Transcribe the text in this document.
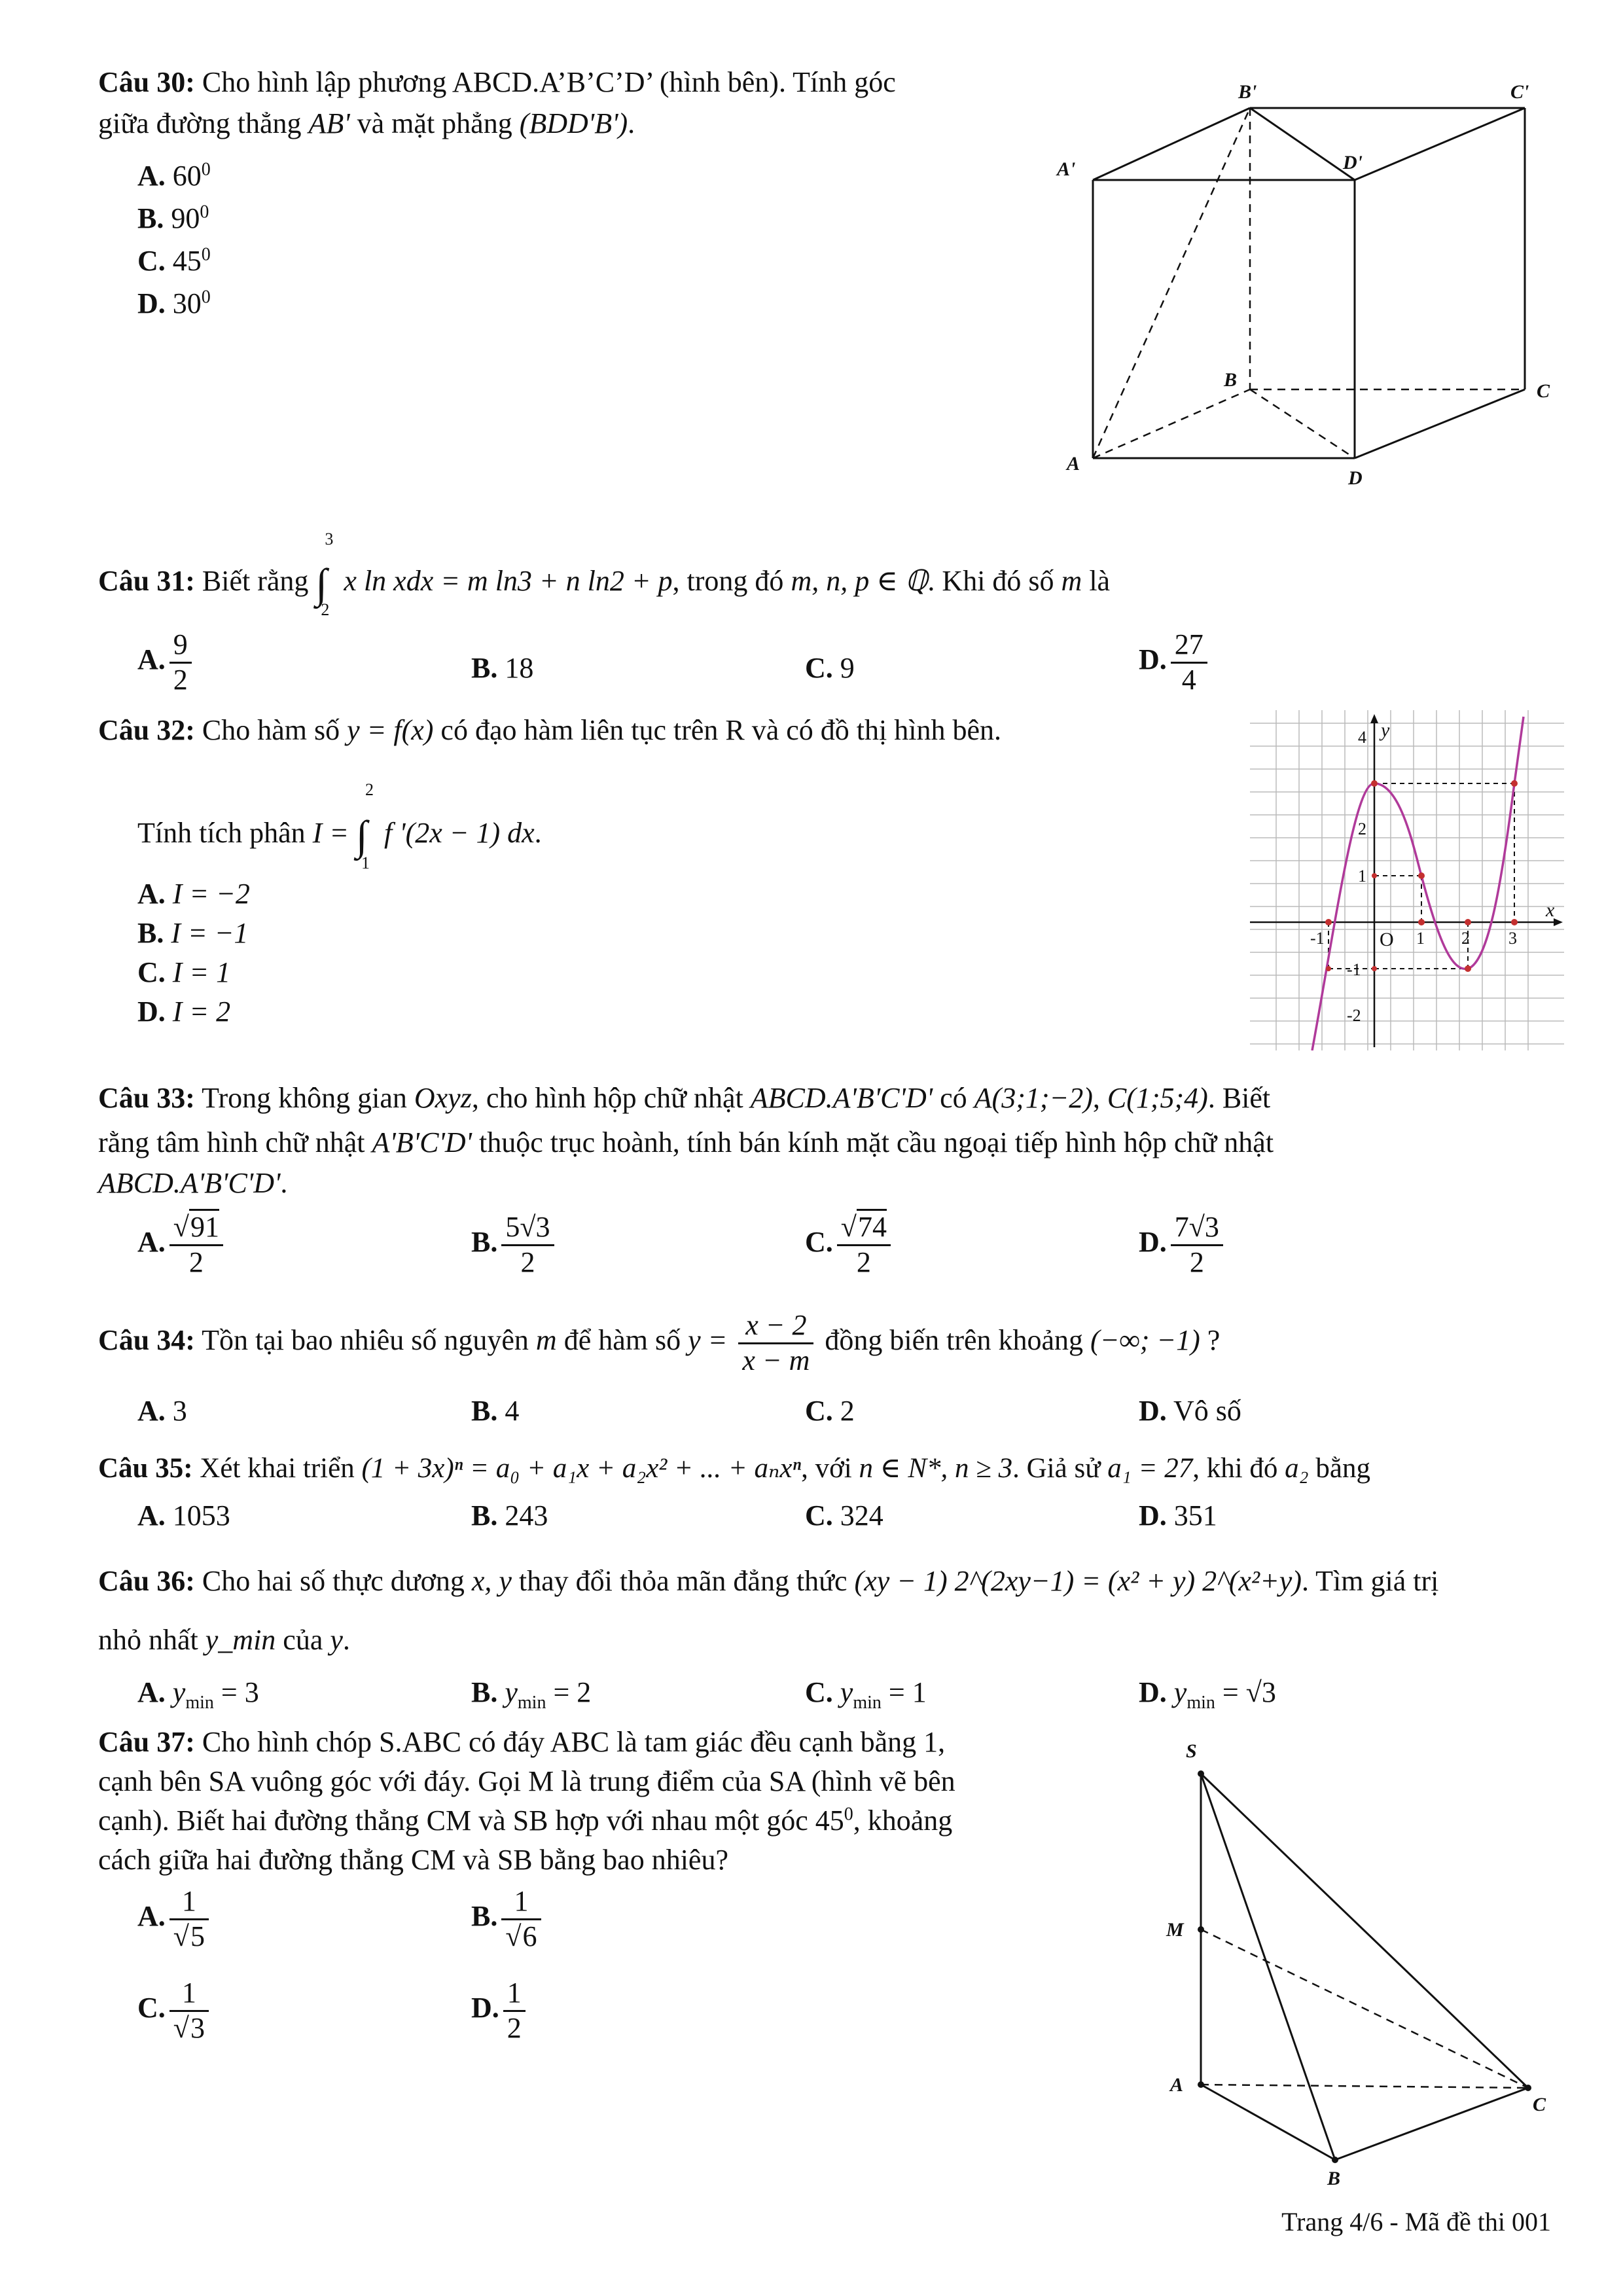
Câu 30: Cho hình lập phương ABCD.A’B’C’D’ (hình bên). Tính góc
giữa đường thẳng AB' và mặt phẳng (BDD'B').
A. $60^0$
B. $90^0$
C. $45^0$
D. $30^0$
B'	C'
A'	D'
B
C
A
D
Câu 31: Biết rằng ∫
3
2
x ln xdx = m ln3 + n ln2 + p, trong đó m, n, p ∈ ℚ. Khi đó số m là
A. $\frac{9}{2}$	B. 18	C. 9	D. $\frac{27}{4}$
Câu 32: Cho hàm số y = f(x) có đạo hàm liên tục trên R và có đồ thị hình bên.
Tính tích phân I = ∫
2
1
f '(2x − 1) dx.
A. I = −2
B. I = −1
C. I = 1
D. I = 2
y
x
O
-1	1 2 3
4
2
1
-1
-2
Câu 33: Trong không gian Oxyz, cho hình hộp chữ nhật ABCD.A'B'C'D' có A(3;1;−2), C(1;5;4). Biết
rằng tâm hình chữ nhật A'B'C'D' thuộc trục hoành, tính bán kính mặt cầu ngoại tiếp hình hộp chữ nhật
ABCD.A'B'C'D'.
A. $\frac{√91}{2}$	B. $\frac{5√3}{2}$	C. $\frac{√74}{2}$	D. $\frac{7√3}{2}$
Câu 34: Tồn tại bao nhiêu số nguyên m để hàm số $y = \frac{x - 2}{x - m}$ đồng biến trên khoảng (−∞; −1) ?
A. 3	B. 4	C. 2	D. Vô số
Câu 35: Xét khai triển (1 + 3x)ⁿ = a₀ + a₁x + a₂x² + ... + aₙxⁿ, với n ∈ N*, n ≥ 3. Giả sử a₁ = 27, khi đó a₂ bằng
A. 1053	B. 243	C. 324	D. 351
Câu 36: Cho hai số thực dương x, y thay đổi thỏa mãn đẳng thức (xy − 1) 2^(2xy−1) = (x² + y) 2^(x²+y). Tìm giá trị
nhỏ nhất y_min của y.
A. $y_{min} = 3$	B. $y_{min} = 2$	C. $y_{min} = 1$	D. $y_{min} = √3$
Câu 37: Cho hình chóp S.ABC có đáy ABC là tam giác đều cạnh bằng 1,
cạnh bên SA vuông góc với đáy. Gọi M là trung điểm của SA (hình vẽ bên
cạnh). Biết hai đường thẳng CM và SB hợp với nhau một góc $45^0$, khoảng
cách giữa hai đường thẳng CM và SB bằng bao nhiêu?
A. $\frac{1}{√5}$	B. $\frac{1}{√6}$
C. $\frac{1}{√3}$	D. $\frac{1}{2}$
S
M
A
B
C
Trang 4/6 - Mã đề thi 001
